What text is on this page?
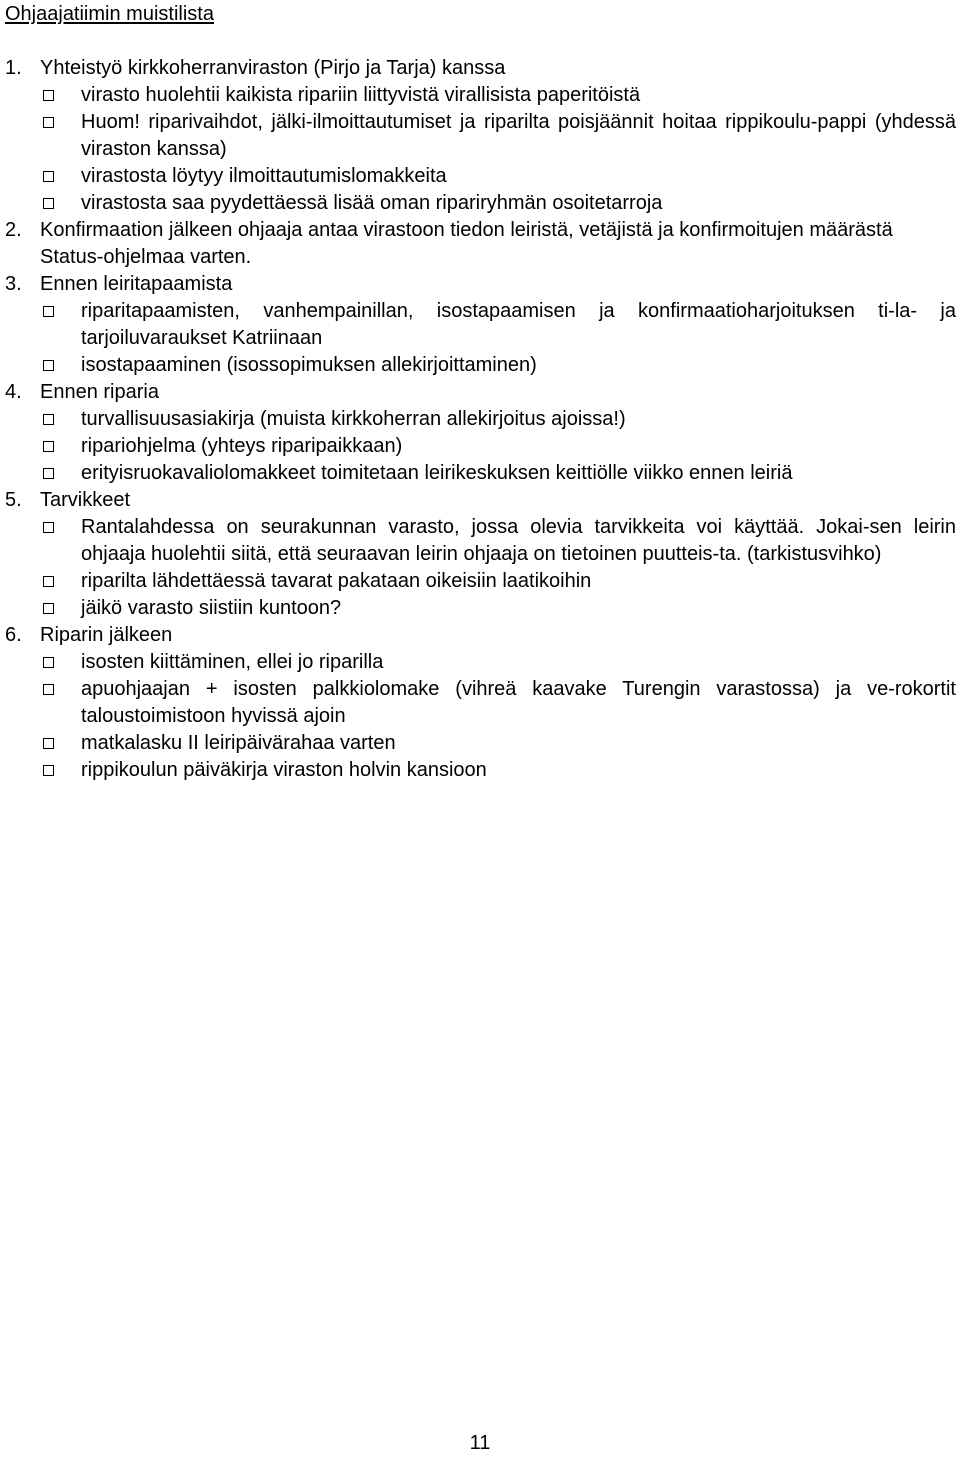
Ohjaajatiimin muistilista
1. Yhteistyö kirkkoherranviraston (Pirjo ja Tarja) kanssa
virasto huolehtii kaikista ripariin liittyvistä virallisista paperitöistä
Huom! riparivaihdot, jälki-ilmoittautumiset ja riparilta poisjäännit hoitaa rippikoulu-pappi (yhdessä viraston kanssa)
virastosta löytyy ilmoittautumislomakkeita
virastosta saa pyydettäessä lisää oman ripariryhmän osoitetarroja
2. Konfirmaation jälkeen ohjaaja antaa virastoon tiedon leiristä, vetäjistä ja konfirmoitujen määrästä Status-ohjelmaa varten.
3. Ennen leiritapaamista
riparitapaamisten, vanhempainillan, isostapaamisen ja konfirmaatioharjoituksen ti-la- ja tarjoiluvaraukset Katriinaan
isostapaaminen (isossopimuksen allekirjoittaminen)
4. Ennen riparia
turvallisuusasiakirja (muista kirkkoherran allekirjoitus ajoissa!)
ripariohjelma (yhteys riparipaikkaan)
erityisruokavaliolomakkeet toimitetaan leirikeskuksen keittiölle viikko ennen leiriä
5. Tarvikkeet
Rantalahdessa on seurakunnan varasto, jossa olevia tarvikkeita voi käyttää. Jokai-sen leirin ohjaaja huolehtii siitä, että seuraavan leirin ohjaaja on tietoinen puutteis-ta. (tarkistusvihko)
riparilta lähdettäessä tavarat pakataan oikeisiin laatikoihin
jäikö varasto siistiin kuntoon?
6. Riparin jälkeen
isosten kiittäminen, ellei jo riparilla
apuohjaajan + isosten palkkiolomake (vihreä kaavake Turengin varastossa) ja ve-rokortit taloustoimistoon hyvissä ajoin
matkalasku II leiripäivärahaa varten
rippikoulun päiväkirja viraston holvin kansioon
11
